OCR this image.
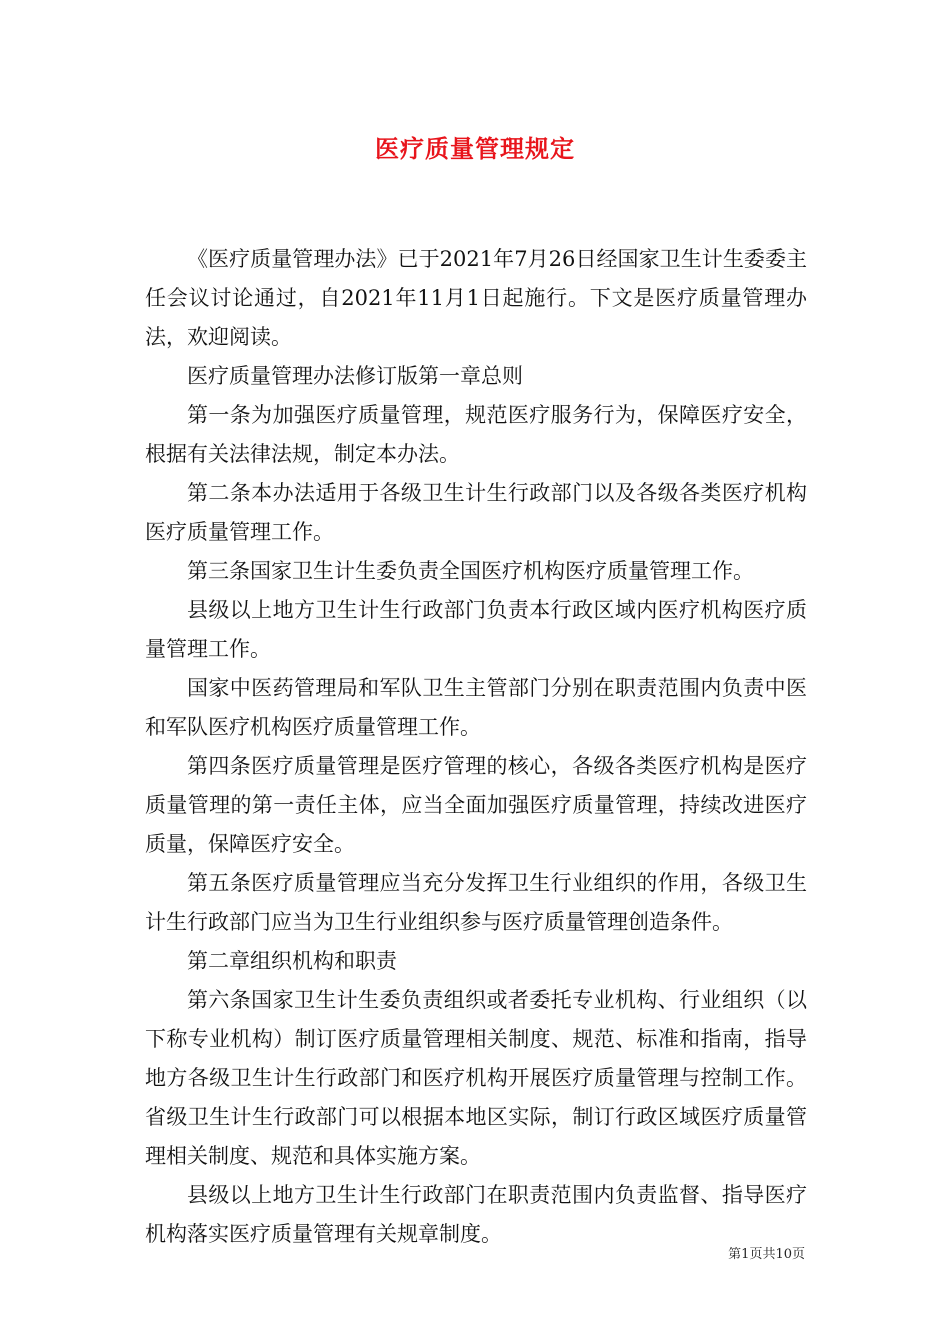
医疗质量管理规定

《医疗质量管理办法》已于2021年7月26日经国家卫生计生委委主任会议讨论通过，自2021年11月1日起施行。下文是医疗质量管理办法，欢迎阅读。

医疗质量管理办法修订版第一章总则

第一条为加强医疗质量管理，规范医疗服务行为，保障医疗安全，根据有关法律法规，制定本办法。

第二条本办法适用于各级卫生计生行政部门以及各级各类医疗机构医疗质量管理工作。

第三条国家卫生计生委负责全国医疗机构医疗质量管理工作。

县级以上地方卫生计生行政部门负责本行政区域内医疗机构医疗质量管理工作。

国家中医药管理局和军队卫生主管部门分别在职责范围内负责中医和军队医疗机构医疗质量管理工作。

第四条医疗质量管理是医疗管理的核心，各级各类医疗机构是医疗质量管理的第一责任主体，应当全面加强医疗质量管理，持续改进医疗质量，保障医疗安全。

第五条医疗质量管理应当充分发挥卫生行业组织的作用，各级卫生计生行政部门应当为卫生行业组织参与医疗质量管理创造条件。

第二章组织机构和职责

第六条国家卫生计生委负责组织或者委托专业机构、行业组织（以下称专业机构）制订医疗质量管理相关制度、规范、标准和指南，指导地方各级卫生计生行政部门和医疗机构开展医疗质量管理与控制工作。省级卫生计生行政部门可以根据本地区实际，制订行政区域医疗质量管理相关制度、规范和具体实施方案。

县级以上地方卫生计生行政部门在职责范围内负责监督、指导医疗机构落实医疗质量管理有关规章制度。

第1页共10页
